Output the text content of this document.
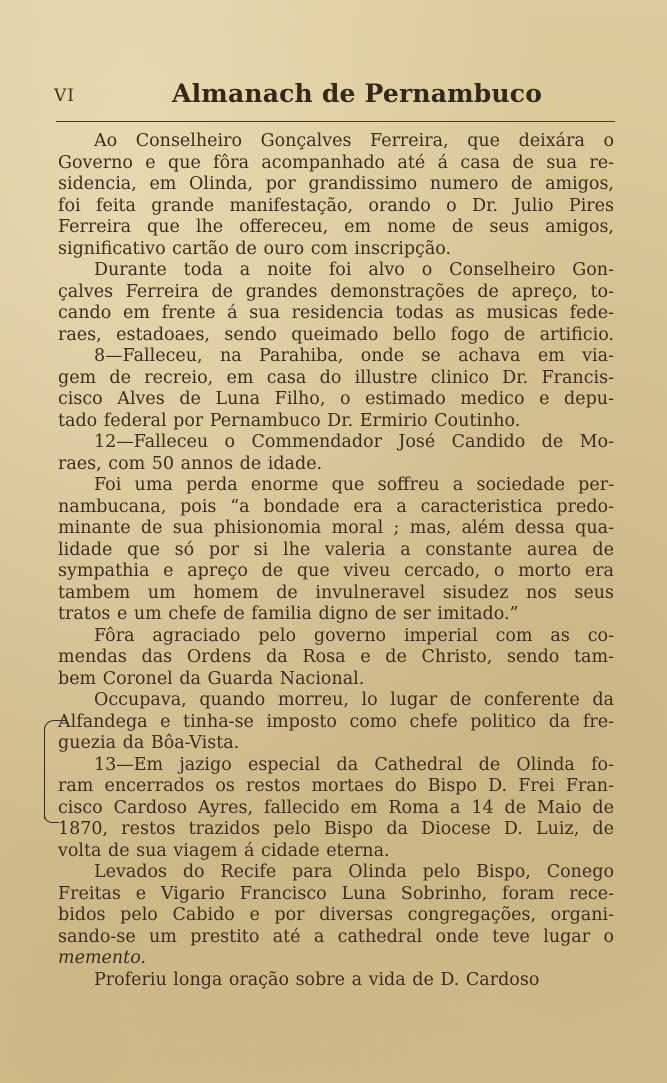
VI	Almanach de Pernambuco
Ao Conselheiro Gonçalves Ferreira, que deixára o
Governo e que fôra acompanhado até á casa de sua re-
sidencia, em Olinda, por grandissimo numero de amigos,
foi feita grande manifestação, orando o Dr. Julio Pires
Ferreira que lhe offereceu, em nome de seus amigos,
significativo cartão de ouro com inscripção.
Durante toda a noite foi alvo o Conselheiro Gon-
çalves Ferreira de grandes demonstrações de apreço, to-
cando em frente á sua residencia todas as musicas fede-
raes, estadoaes, sendo queimado bello fogo de artificio.
8—Falleceu, na Parahiba, onde se achava em via-
gem de recreio, em casa do illustre clinico Dr. Francis-
cisco Alves de Luna Filho, o estimado medico e depu-
tado federal por Pernambuco Dr. Ermirio Coutinho.
12—Falleceu o Commendador José Candido de Mo-
raes, com 50 annos de idade.
Foi uma perda enorme que soffreu a sociedade per-
nambucana, pois “a bondade era a caracteristica predo-
minante de sua phisionomia moral ; mas, além dessa qua-
lidade que só por si lhe valeria a constante aurea de
sympathia e apreço de que viveu cercado, o morto era
tambem um homem de invulneravel sisudez nos seus
tratos e um chefe de familia digno de ser imitado.”
Fôra agraciado pelo governo imperial com as co-
mendas das Ordens da Rosa e de Christo, sendo tam-
bem Coronel da Guarda Nacional.
Occupava, quando morreu, lo lugar de conferente da
Alfandega e tinha-se imposto como chefe politico da fre-
guezia da Bôa-Vista.
13—Em jazigo especial da Cathedral de Olinda fo-
ram encerrados os restos mortaes do Bispo D. Frei Fran-
cisco Cardoso Ayres, fallecido em Roma a 14 de Maio de
1870, restos trazidos pelo Bispo da Diocese D. Luiz, de
volta de sua viagem á cidade eterna.
Levados do Recife para Olinda pelo Bispo, Conego
Freitas e Vigario Francisco Luna Sobrinho, foram rece-
bidos pelo Cabido e por diversas congregações, organi-
sando-se um prestito até a cathedral onde teve lugar o
memento.
Proferiu longa oração sobre a vida de D. Cardoso
